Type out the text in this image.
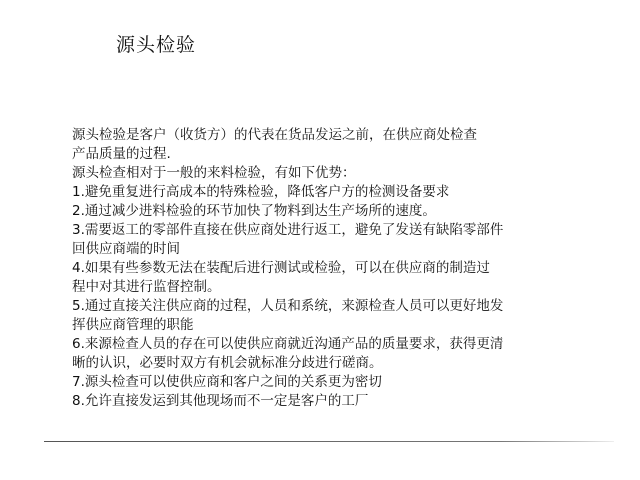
源头检验
源头检验是客户（收货方）的代表在货品发运之前，在供应商处检查
产品质量的过程.
源头检查相对于一般的来料检验，有如下优势：
1.避免重复进行高成本的特殊检验，降低客户方的检测设备要求
2.通过减少进料检验的环节加快了物料到达生产场所的速度。
3.需要返工的零部件直接在供应商处进行返工，避免了发送有缺陷零部件
回供应商端的时间
4.如果有些参数无法在装配后进行测试或检验，可以在供应商的制造过
程中对其进行监督控制。
5.通过直接关注供应商的过程，人员和系统，来源检查人员可以更好地发
挥供应商管理的职能
6.来源检查人员的存在可以使供应商就近沟通产品的质量要求，获得更清
晰的认识，必要时双方有机会就标准分歧进行磋商。
7.源头检查可以使供应商和客户之间的关系更为密切
8.允许直接发运到其他现场而不一定是客户的工厂
